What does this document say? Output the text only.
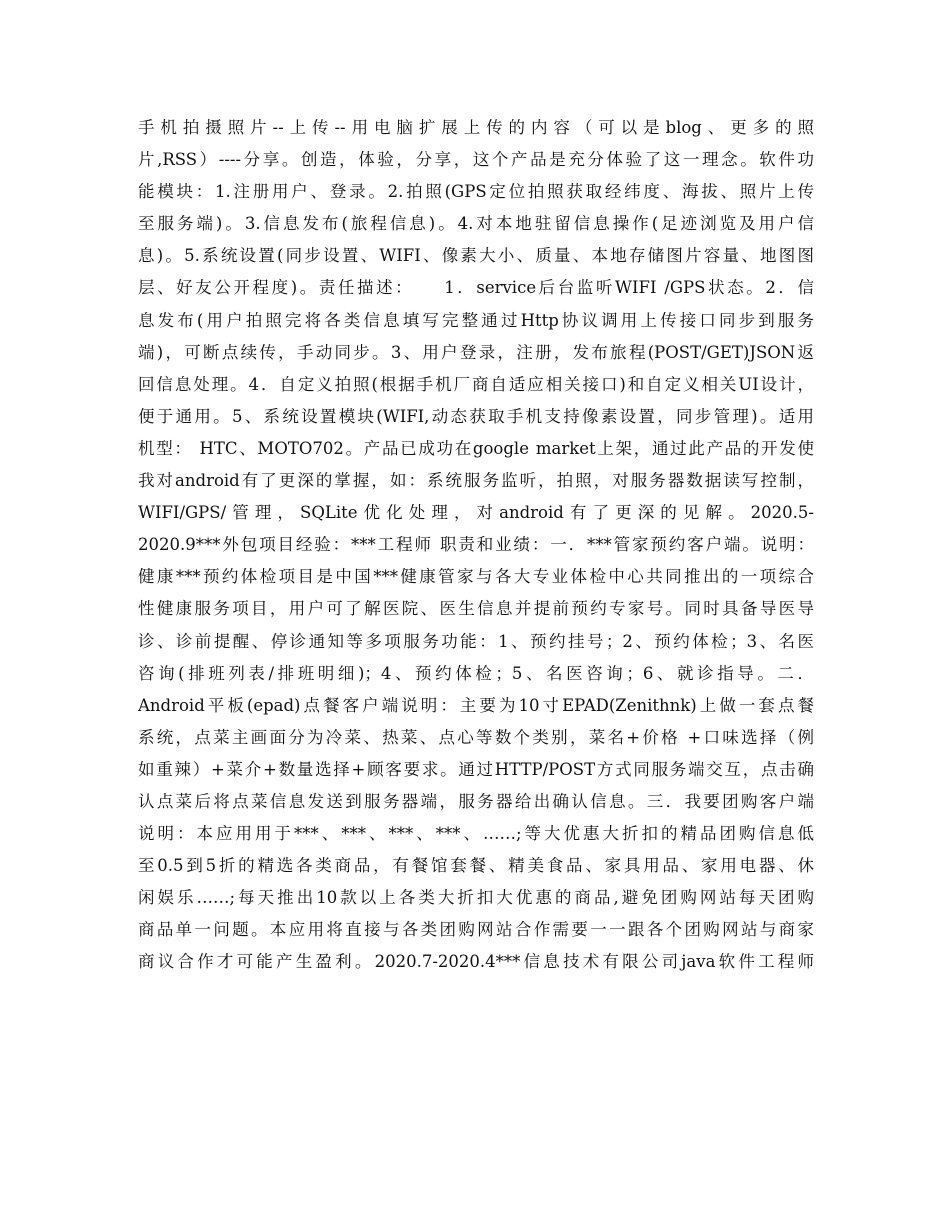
手机拍摄照片--上传--用电脑扩展上传的内容（可以是blog、更多的照
片,RSS）----分享。创造，体验，分享，这个产品是充分体验了这一理念。软件功
能模块：1.注册用户、登录。2.拍照(GPS定位拍照获取经纬度、海拔、照片上传
至服务端)。3.信息发布(旅程信息)。4.对本地驻留信息操作(足迹浏览及用户信
息)。5.系统设置(同步设置、WIFI、像素大小、质量、本地存储图片容量、地图图
层、好友公开程度)。责任描述：　　1．service后台监听WIFI /GPS状态。2．信
息发布(用户拍照完将各类信息填写完整通过Http协议调用上传接口同步到服务
端)，可断点续传，手动同步。3、用户登录，注册，发布旅程(POST/GET)JSON返
回信息处理。4．自定义拍照(根据手机厂商自适应相关接口)和自定义相关UI设计，
便于通用。5、系统设置模块(WIFI,动态获取手机支持像素设置，同步管理)。适用
机型： HTC、MOTO702。产品已成功在google market上架，通过此产品的开发使
我对android有了更深的掌握，如：系统服务监听，拍照，对服务器数据读写控制，
WIFI/GPS/管理，SQLite优化处理，对android有了更深的见解。2020.5-
2020.9***外包项目经验：***工程师 职责和业绩：一．***管家预约客户端。说明：
健康***预约体检项目是中国***健康管家与各大专业体检中心共同推出的一项综合
性健康服务项目，用户可了解医院、医生信息并提前预约专家号。同时具备导医导
诊、诊前提醒、停诊通知等多项服务功能：1、预约挂号；2、预约体检；3、名医
咨询(排班列表/排班明细)；4、预约体检；5、名医咨询；6、就诊指导。二．
Android平板(epad)点餐客户端说明：主要为10寸EPAD(Zenithnk)上做一套点餐
系统，点菜主画面分为冷菜、热菜、点心等数个类别，菜名+价格 +口味选择（例
如重辣）+菜介+数量选择+顾客要求。通过HTTP/POST方式同服务端交互，点击确
认点菜后将点菜信息发送到服务器端，服务器给出确认信息。三．我要团购客户端
说明：本应用用于***、***、***、***、……;等大优惠大折扣的精品团购信息低
至0.5到5折的精选各类商品，有餐馆套餐、精美食品、家具用品、家用电器、休
闲娱乐……;每天推出10款以上各类大折扣大优惠的商品,避免团购网站每天团购
商品单一问题。本应用将直接与各类团购网站合作需要一一跟各个团购网站与商家
商议合作才可能产生盈利。2020.7-2020.4***信息技术有限公司java软件工程师
